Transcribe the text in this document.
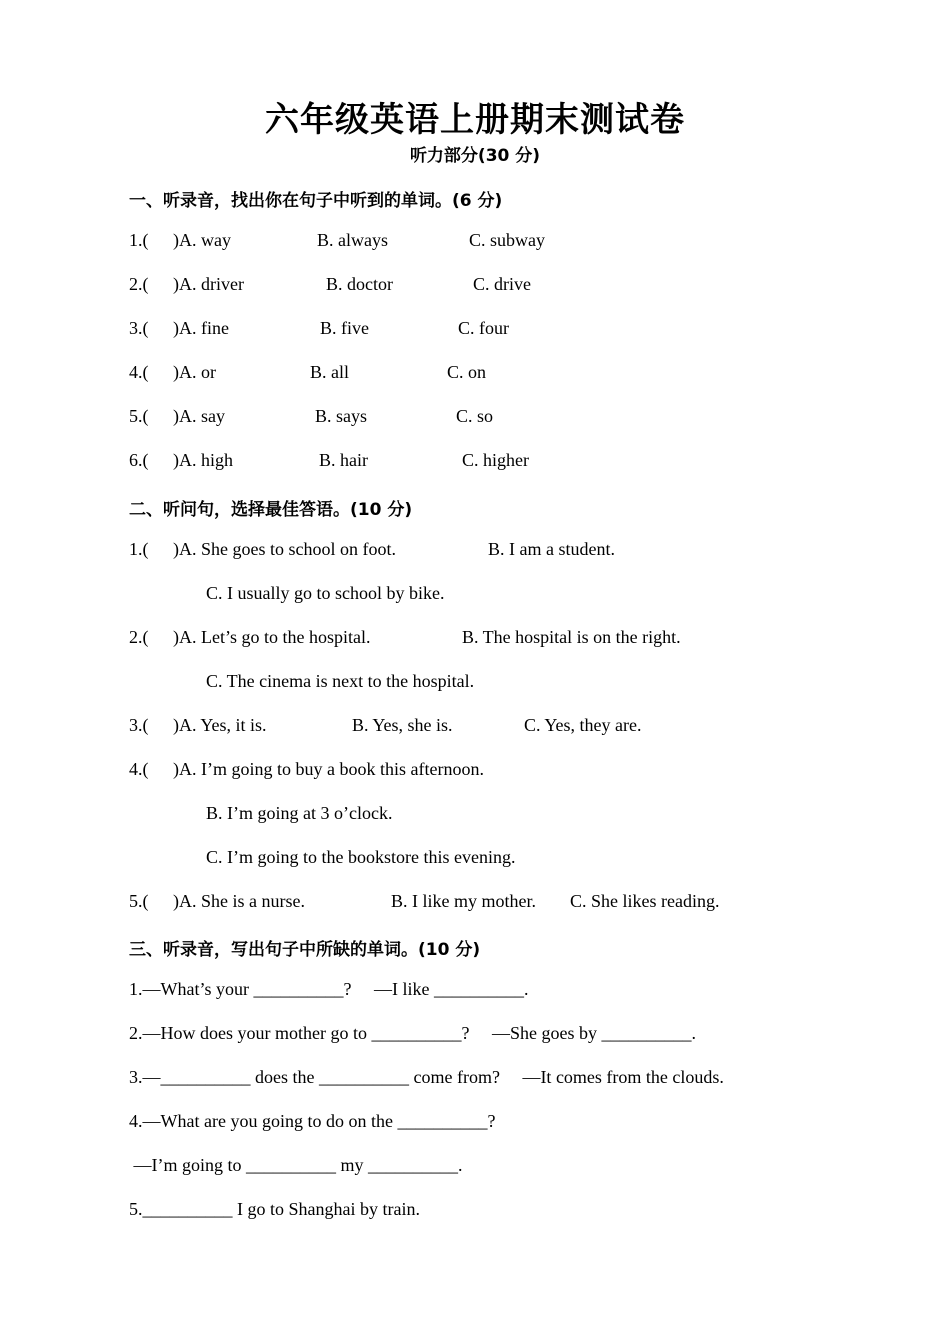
六年级英语上册期末测试卷
听力部分(30 分)
一、听录音，找出你在句子中听到的单词。(6 分)
1.( )A. way	B. always	C. subway
2.( )A. driver	B. doctor	C. drive
3.( )A. fine	B. five	C. four
4.( )A. or	B. all	C. on
5.( )A. say	B. says	C. so
6.( )A. high	B. hair	C. higher
二、听问句，选择最佳答语。(10 分)
1.( )A. She goes to school on foot.	B. I am a student.
C. I usually go to school by bike.
2.( )A. Let’s go to the hospital.	B. The hospital is on the right.
C. The cinema is next to the hospital.
3.( )A. Yes, it is.	B. Yes, she is.	C. Yes, they are.
4.( )A. I’m going to buy a book this afternoon.
B. I’m going at 3 o’clock.
C. I’m going to the bookstore this evening.
5.( )A. She is a nurse.	B. I like my mother. C. She likes reading.
三、听录音，写出句子中所缺的单词。(10 分)
1.—What’s your __________?     —I like __________.
2.—How does your mother go to __________?     —She goes by __________.
3.—__________ does the __________ come from?     —It comes from the clouds.
4.—What are you going to do on the __________?
—I’m going to __________ my __________.
5.__________ I go to Shanghai by train.
